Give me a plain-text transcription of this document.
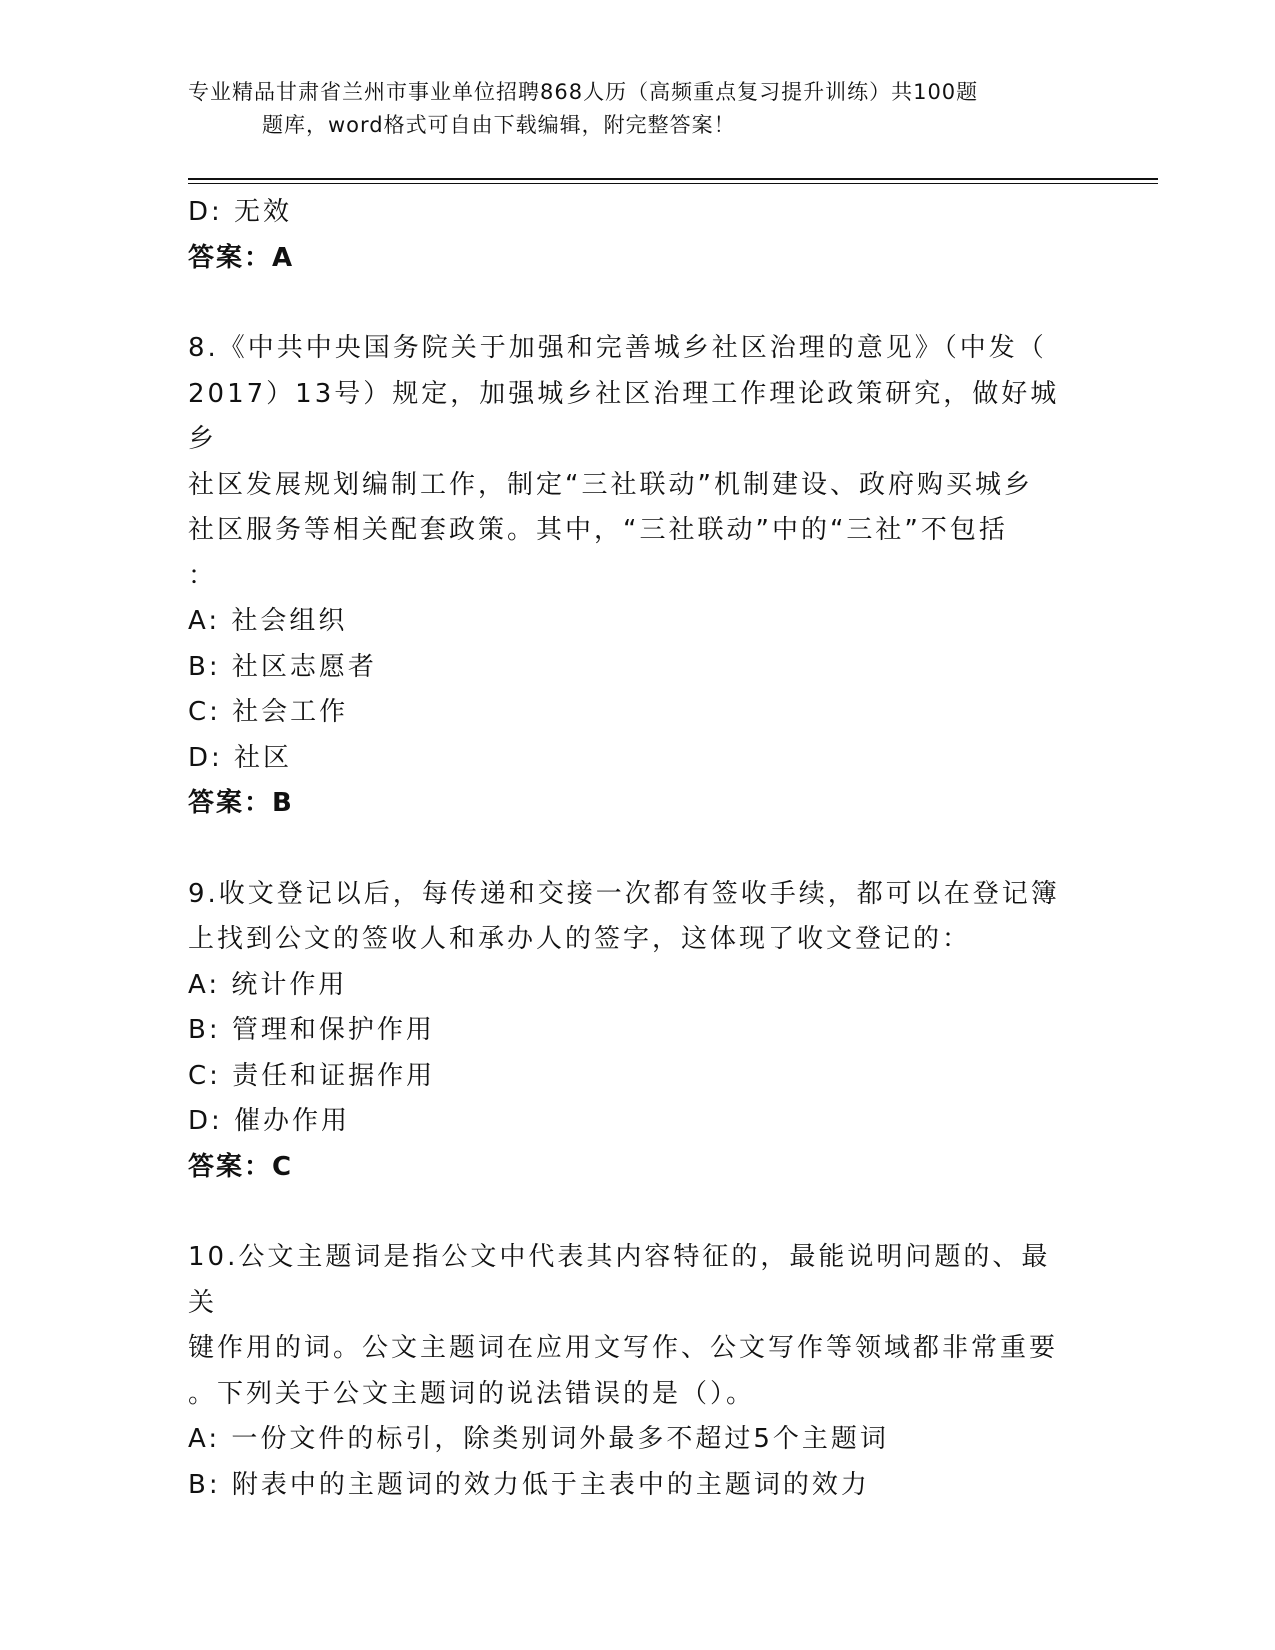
专业精品甘肃省兰州市事业单位招聘868人历（高频重点复习提升训练）共100题
题库，word格式可自由下载编辑，附完整答案！
D: 无效
答案：A
8.《中共中央国务院关于加强和完善城乡社区治理的意见》（中发（
2017）13号）规定，加强城乡社区治理工作理论政策研究，做好城乡
社区发展规划编制工作，制定“三社联动”机制建设、政府购买城乡
社区服务等相关配套政策。其中，“三社联动”中的“三社”不包括
：
A: 社会组织
B: 社区志愿者
C: 社会工作
D: 社区
答案：B
9.收文登记以后，每传递和交接一次都有签收手续，都可以在登记簿
上找到公文的签收人和承办人的签字，这体现了收文登记的：
A: 统计作用
B: 管理和保护作用
C: 责任和证据作用
D: 催办作用
答案：C
10.公文主题词是指公文中代表其内容特征的，最能说明问题的、最关
键作用的词。公文主题词在应用文写作、公文写作等领域都非常重要
。下列关于公文主题词的说法错误的是（）。
A: 一份文件的标引，除类别词外最多不超过5个主题词
B: 附表中的主题词的效力低于主表中的主题词的效力
